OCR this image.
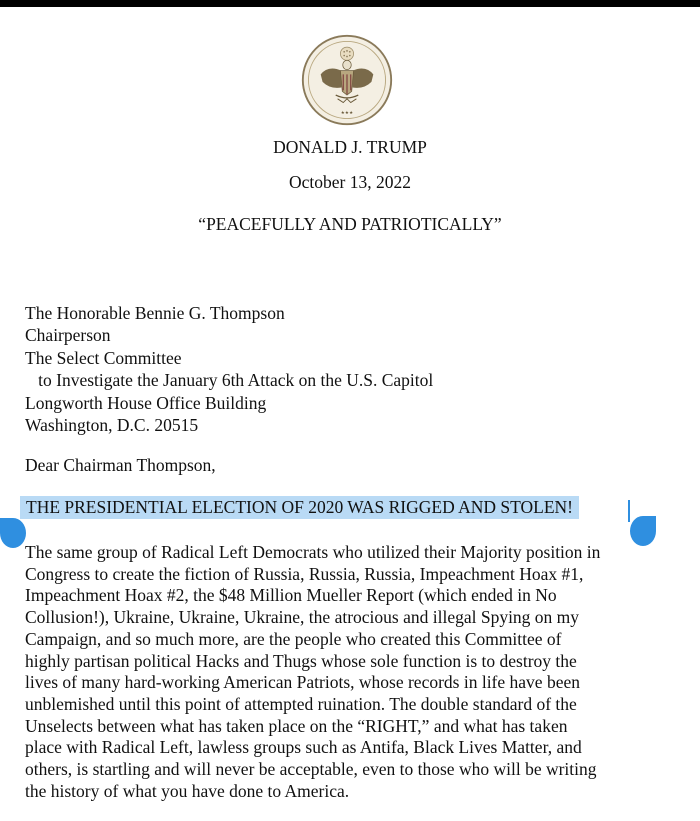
★★★
DONALD J. TRUMP
October 13, 2022
“PEACEFULLY AND PATRIOTICALLY”
The Honorable Bennie G. Thompson
Chairperson
The Select Committee
to Investigate the January 6th Attack on the U.S. Capitol
Longworth House Office Building
Washington, D.C. 20515
Dear Chairman Thompson,
THE PRESIDENTIAL ELECTION OF 2020 WAS RIGGED AND STOLEN!
The same group of Radical Left Democrats who utilized their Majority position in
Congress to create the fiction of Russia, Russia, Russia, Impeachment Hoax #1,
Impeachment Hoax #2, the $48 Million Mueller Report (which ended in No
Collusion!), Ukraine, Ukraine, Ukraine, the atrocious and illegal Spying on my
Campaign, and so much more, are the people who created this Committee of
highly partisan political Hacks and Thugs whose sole function is to destroy the
lives of many hard-working American Patriots, whose records in life have been
unblemished until this point of attempted ruination. The double standard of the
Unselects between what has taken place on the “RIGHT,” and what has taken
place with Radical Left, lawless groups such as Antifa, Black Lives Matter, and
others, is startling and will never be acceptable, even to those who will be writing
the history of what you have done to America.
